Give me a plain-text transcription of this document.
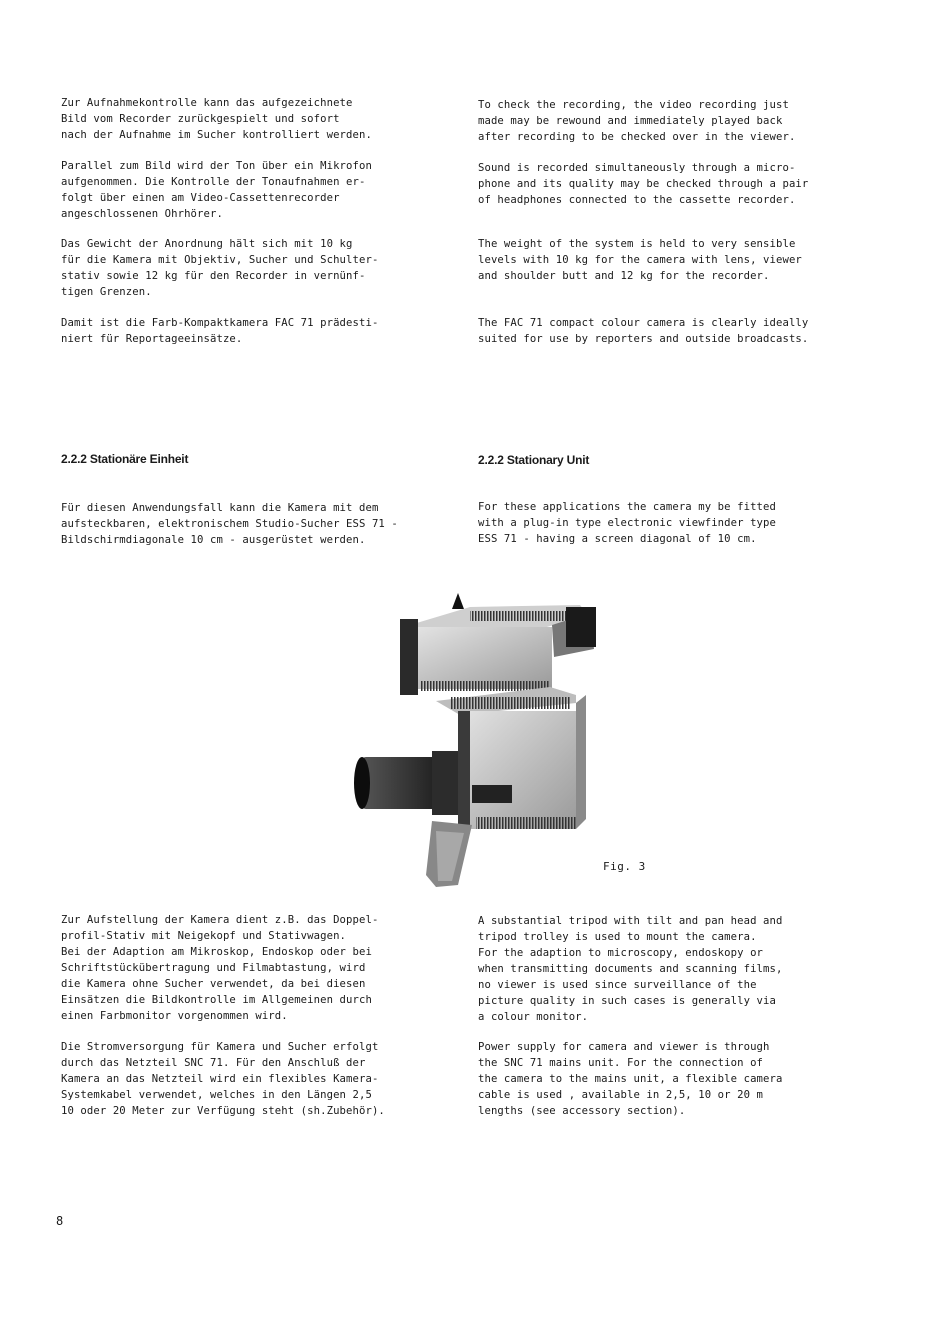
Zur Aufnahmekontrolle kann das aufgezeichnete
Bild vom Recorder zurückgespielt und sofort
nach der Aufnahme im Sucher kontrolliert werden.

Parallel zum Bild wird der Ton über ein Mikrofon
aufgenommen. Die Kontrolle der Tonaufnahmen er-
folgt über einen am Video-Cassettenrecorder
angeschlossenen Ohrhörer.

Das Gewicht der Anordnung hält sich mit 10 kg
für die Kamera mit Objektiv, Sucher und Schulter-
stativ sowie 12 kg für den Recorder in vernünf-
tigen Grenzen.

Damit ist die Farb-Kompaktkamera FAC 71 prädesti-
niert für Reportageeinsätze.

2.2.2 Stationäre Einheit

Für diesen Anwendungsfall kann die Kamera mit dem
aufsteckbaren, elektronischem Studio-Sucher ESS 71 -
Bildschirmdiagonale 10 cm - ausgerüstet werden.

Zur Aufstellung der Kamera dient z.B. das Doppel-
profil-Stativ mit Neigekopf und Stativwagen.
Bei der Adaption am Mikroskop, Endoskop oder bei
Schriftstückübertragung und Filmabtastung, wird
die Kamera ohne Sucher verwendet, da bei diesen
Einsätzen die Bildkontrolle im Allgemeinen durch
einen Farbmonitor vorgenommen wird.

Die Stromversorgung für Kamera und Sucher erfolgt
durch das Netzteil SNC 71. Für den Anschluß der
Kamera an das Netzteil wird ein flexibles Kamera-
Systemkabel verwendet, welches in den Längen 2,5
10 oder 20 Meter zur Verfügung steht (sh.Zubehör).

To check the recording, the video recording just
made may be rewound and immediately played back
after recording to be checked over in the viewer.

Sound is recorded simultaneously through a micro-
phone and its quality may be checked through a pair
of headphones connected to the cassette recorder.

The weight of the system is held to very sensible
levels with 10 kg for the camera with lens, viewer
and shoulder butt and 12 kg for the recorder.

The FAC 71 compact colour camera is clearly ideally
suited for use by reporters and outside broadcasts.

2.2.2 Stationary Unit

For these applications the camera my be fitted
with a plug-in type electronic viewfinder type
ESS 71 - having a screen diagonal of 10 cm.

A substantial tripod with tilt and pan head and
tripod trolley is used to mount the camera.
For the adaption to microscopy, endoskopy or
when transmitting documents and scanning films,
no viewer is used since surveillance of the
picture quality in such cases is generally via
a colour monitor.

Power supply for camera and viewer is through
the SNC 71 mains unit. For the connection of
the camera to the mains unit, a flexible camera
cable is used , available in 2,5, 10 or 20 m
lengths (see accessory section).

Fig. 3
8
